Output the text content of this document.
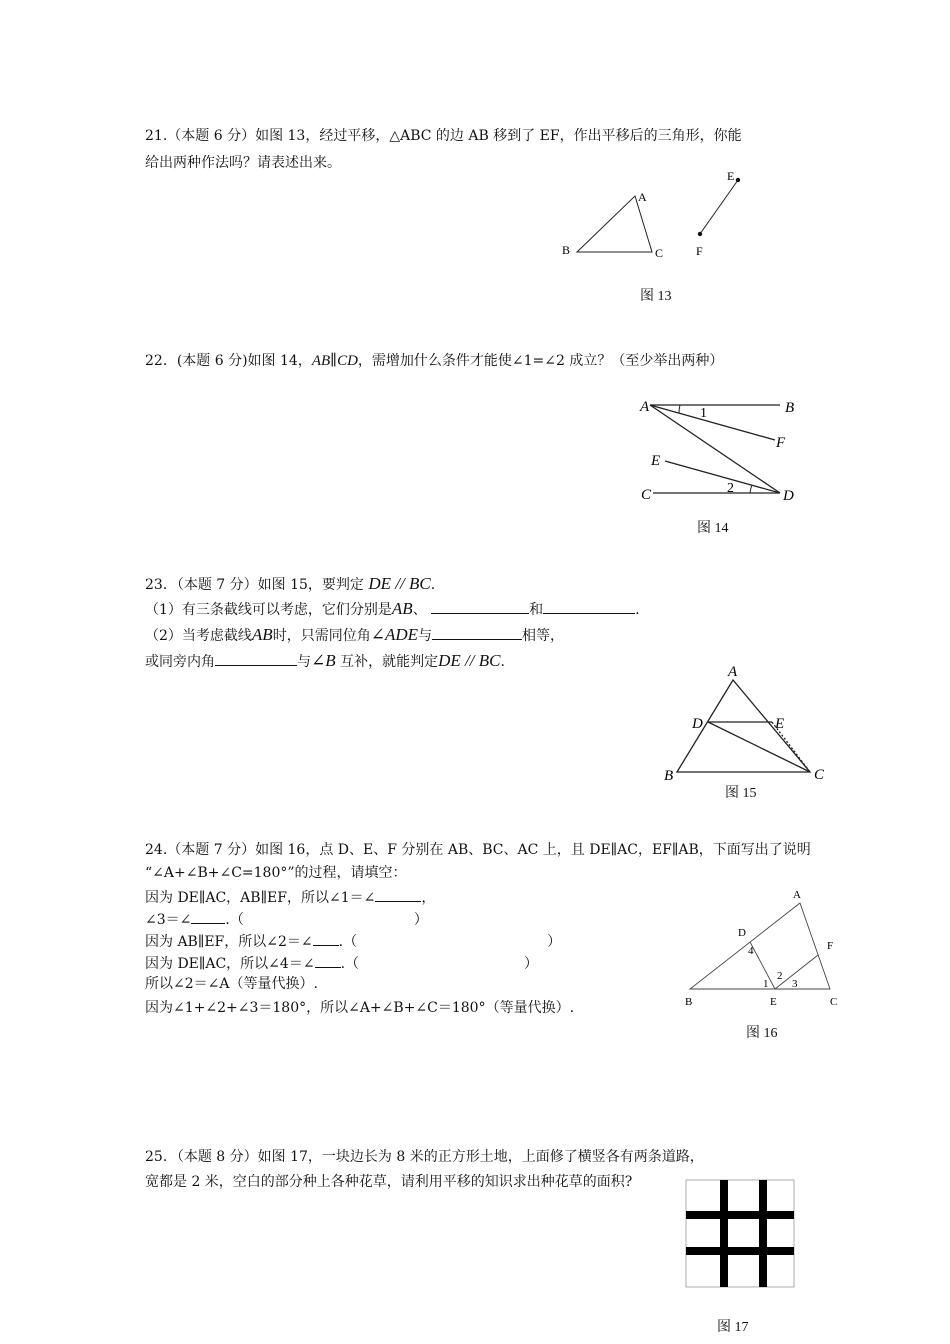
21.（本题 6 分）如图 13，经过平移，△ABC 的边 AB 移到了 EF，作出平移后的三角形，你能
给出两种作法吗？请表述出来。
A
B	C
E
F
图 13
22．(本题 6 分)如图 14，AB∥CD，需增加什么条件才能使∠1=∠2 成立？（至少举出两种）
A	B
F
E
C	D
1
2
图 14
23．（本题 7 分）如图 15，要判定 DE // BC.
（1）有三条截线可以考虑，它们分别是AB、	和	.
（2）当考虑截线AB时，只需同位角∠ADE与	相等，
或同旁内角	与∠B 互补，就能判定DE // BC.
A
D	E
B	C
图 15
24.（本题 7 分）如图 16，点 D、E、F 分别在 AB、BC、AC 上，且 DE∥AC，EF∥AB，下面写出了说明
“∠A+∠B+∠C=180°”的过程，请填空：
因为 DE∥AC，AB∥EF，所以∠1＝∠	，
∠3＝∠ .（	）
因为 AB∥EF，所以∠2＝∠ .（	）
因为 DE∥AC，所以∠4＝∠ .（	）
所以∠2＝∠A（等量代换）.
因为∠1+∠2+∠3＝180°，所以∠A+∠B+∠C＝180°（等量代换）.
A
D
F
B	E	C
4
2
1 3
图 16
25．（本题 8 分）如图 17，一块边长为 8 米的正方形土地，上面修了横竖各有两条道路，
宽都是 2 米，空白的部分种上各种花草，请利用平移的知识求出种花草的面积?
图 17
